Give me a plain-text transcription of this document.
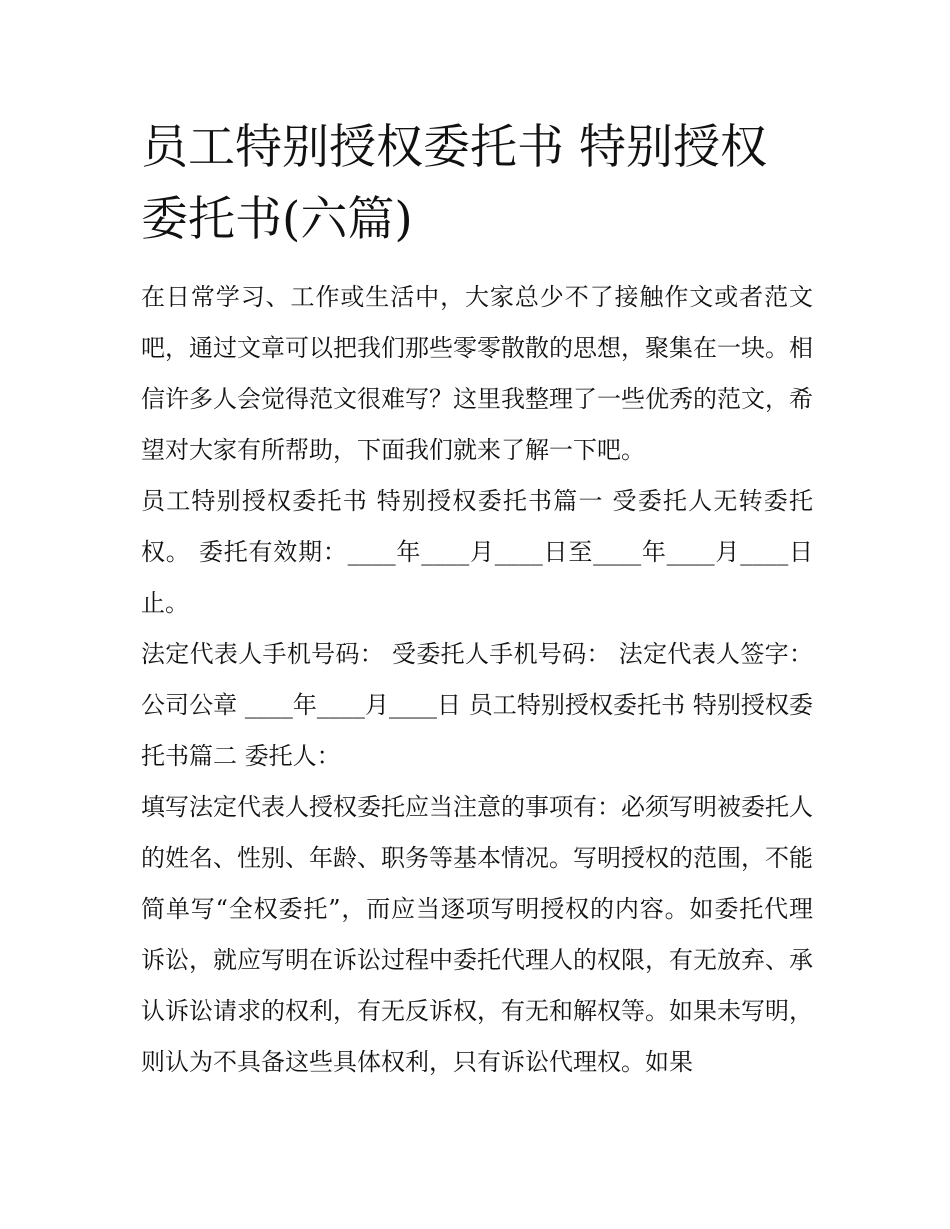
员工特别授权委托书 特别授权委托书(六篇)

在日常学习、工作或生活中，大家总少不了接触作文或者范文吧，通过文章可以把我们那些零零散散的思想，聚集在一块。相信许多人会觉得范文很难写？这里我整理了一些优秀的范文，希望对大家有所帮助，下面我们就来了解一下吧。

员工特别授权委托书 特别授权委托书篇一 受委托人无转委托权。 委托有效期：____年____月____日至____年____月____日止。

法定代表人手机号码： 受委托人手机号码： 法定代表人签字： 公司公章 ____年____月____日 员工特别授权委托书 特别授权委托书篇二 委托人：

填写法定代表人授权委托应当注意的事项有：必须写明被委托人的姓名、性别、年龄、职务等基本情况。写明授权的范围，不能简单写“全权委托”，而应当逐项写明授权的内容。如委托代理诉讼，就应写明在诉讼过程中委托代理人的权限，有无放弃、承认诉讼请求的权利，有无反诉权，有无和解权等。如果未写明，则认为不具备这些具体权利，只有诉讼代理权。如果
